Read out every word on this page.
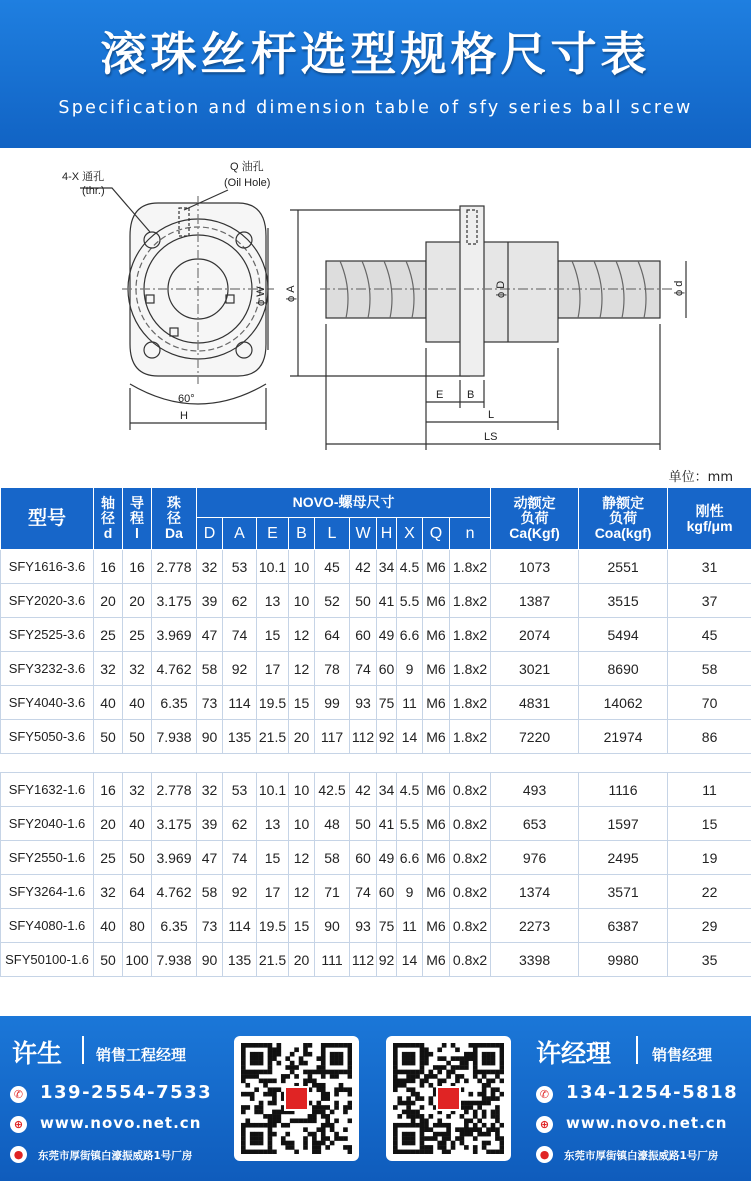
滚珠丝杆选型规格尺寸表
Specification and dimension table of sfy series ball screw
4-X 通孔
(thr.)
Q 油孔
(Oil Hole)
ϕ W ϕ A	ϕ D	ϕ d
60°
H
E B
L
LS
单位：mm
型号	轴
径
d	导
程
l	珠
径
Da	NOVO-螺母尺寸										动额定
负荷
Ca(Kgf)	静额定
负荷
Coa(kgf)	刚性
kgf/μm
				D	A	E	B	L	W	H	X	Q	n			
SFY1616-3.6	16	16	2.778	32	53	10.1	10	45	42	34	4.5	M6	1.8x2	1073	2551	31
SFY2020-3.6	20	20	3.175	39	62	13	10	52	50	41	5.5	M6	1.8x2	1387	3515	37
SFY2525-3.6	25	25	3.969	47	74	15	12	64	60	49	6.6	M6	1.8x2	2074	5494	45
SFY3232-3.6	32	32	4.762	58	92	17	12	78	74	60	9	M6	1.8x2	3021	8690	58
SFY4040-3.6	40	40	6.35	73	114	19.5	15	99	93	75	11	M6	1.8x2	4831	14062	70
SFY5050-3.6	50	50	7.938	90	135	21.5	20	117	112	92	14	M6	1.8x2	7220	21974	86

SFY1632-1.6	16	32	2.778	32	53	10.1	10	42.5	42	34	4.5	M6	0.8x2	493	1116	11
SFY2040-1.6	20	40	3.175	39	62	13	10	48	50	41	5.5	M6	0.8x2	653	1597	15
SFY2550-1.6	25	50	3.969	47	74	15	12	58	60	49	6.6	M6	0.8x2	976	2495	19
SFY3264-1.6	32	64	4.762	58	92	17	12	71	74	60	9	M6	0.8x2	1374	3571	22
SFY4080-1.6	40	80	6.35	73	114	19.5	15	90	93	75	11	M6	0.8x2	2273	6387	29
SFY50100-1.6	50	100	7.938	90	135	21.5	20	111	112	92	14	M6	0.8x2	3398	9980	35
许生 销售工程经理
✆ 139-2554-7533
⊕ www.novo.net.cn
●	东莞市厚街镇白濠振威路1号厂房
许经理	销售经理
✆ 134-1254-5818
⊕ www.novo.net.cn
●	东莞市厚街镇白濠振威路1号厂房
